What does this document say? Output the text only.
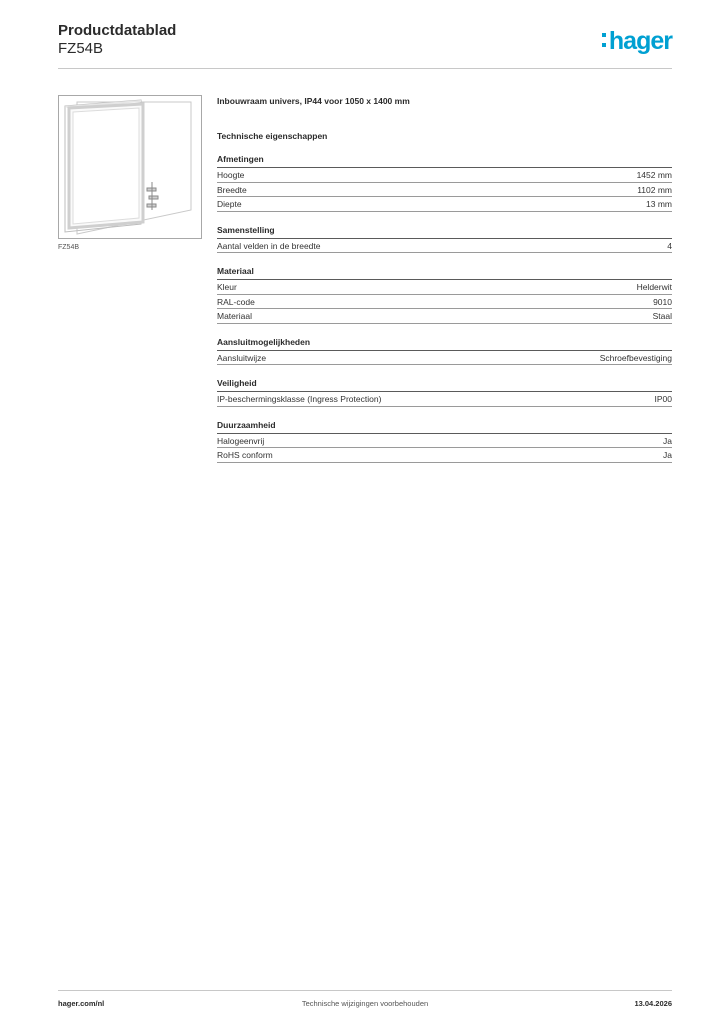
Productdatablad
FZ54B	hager
FZ54B
Inbouwraam univers, IP44 voor 1050 x 1400 mm
Technische eigenschappen
Afmetingen
Hoogte	1452 mm
Breedte	1102 mm
Diepte	13 mm
Samenstelling
Aantal velden in de breedte	4
Materiaal
Kleur	Helderwit
RAL-code	9010
Materiaal	Staal
Aansluitmogelijkheden
Aansluitwijze	Schroefbevestiging
Veiligheid
IP-beschermingsklasse (Ingress Protection)	IP00
Duurzaamheid
Halogeenvrij	Ja
RoHS conform	Ja
hager.com/nl	Technische wijzigingen voorbehouden	13.04.2026
